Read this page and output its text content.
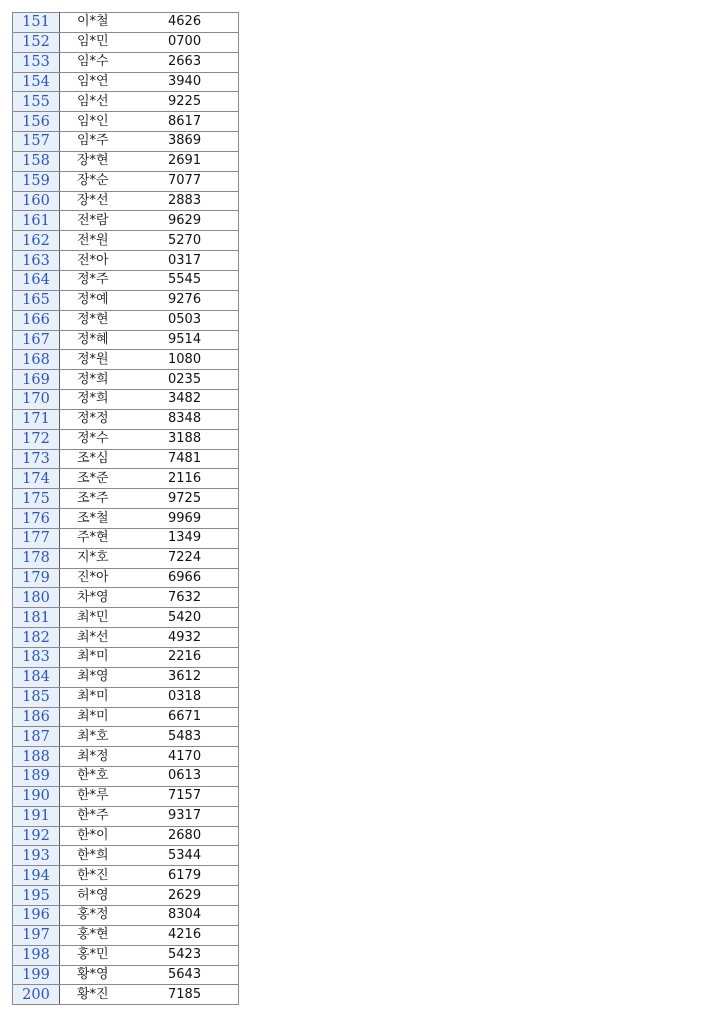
151	이*철	4626
152	임*민	0700
153	임*수	2663
154	임*연	3940
155	임*선	9225
156	임*인	8617
157	임*주	3869
158	장*현	2691
159	장*순	7077
160	장*선	2883
161	전*람	9629
162	전*원	5270
163	전*아	0317
164	정*주	5545
165	정*예	9276
166	정*현	0503
167	정*혜	9514
168	정*원	1080
169	정*희	0235
170	정*희	3482
171	정*정	8348
172	정*수	3188
173	조*심	7481
174	조*준	2116
175	조*주	9725
176	조*철	9969
177	주*현	1349
178	지*호	7224
179	진*아	6966
180	차*영	7632
181	최*민	5420
182	최*선	4932
183	최*미	2216
184	최*영	3612
185	최*미	0318
186	최*미	6671
187	최*호	5483
188	최*정	4170
189	한*호	0613
190	한*루	7157
191	한*주	9317
192	한*이	2680
193	한*희	5344
194	한*진	6179
195	허*영	2629
196	홍*정	8304
197	홍*현	4216
198	홍*민	5423
199	황*영	5643
200	황*진	7185
